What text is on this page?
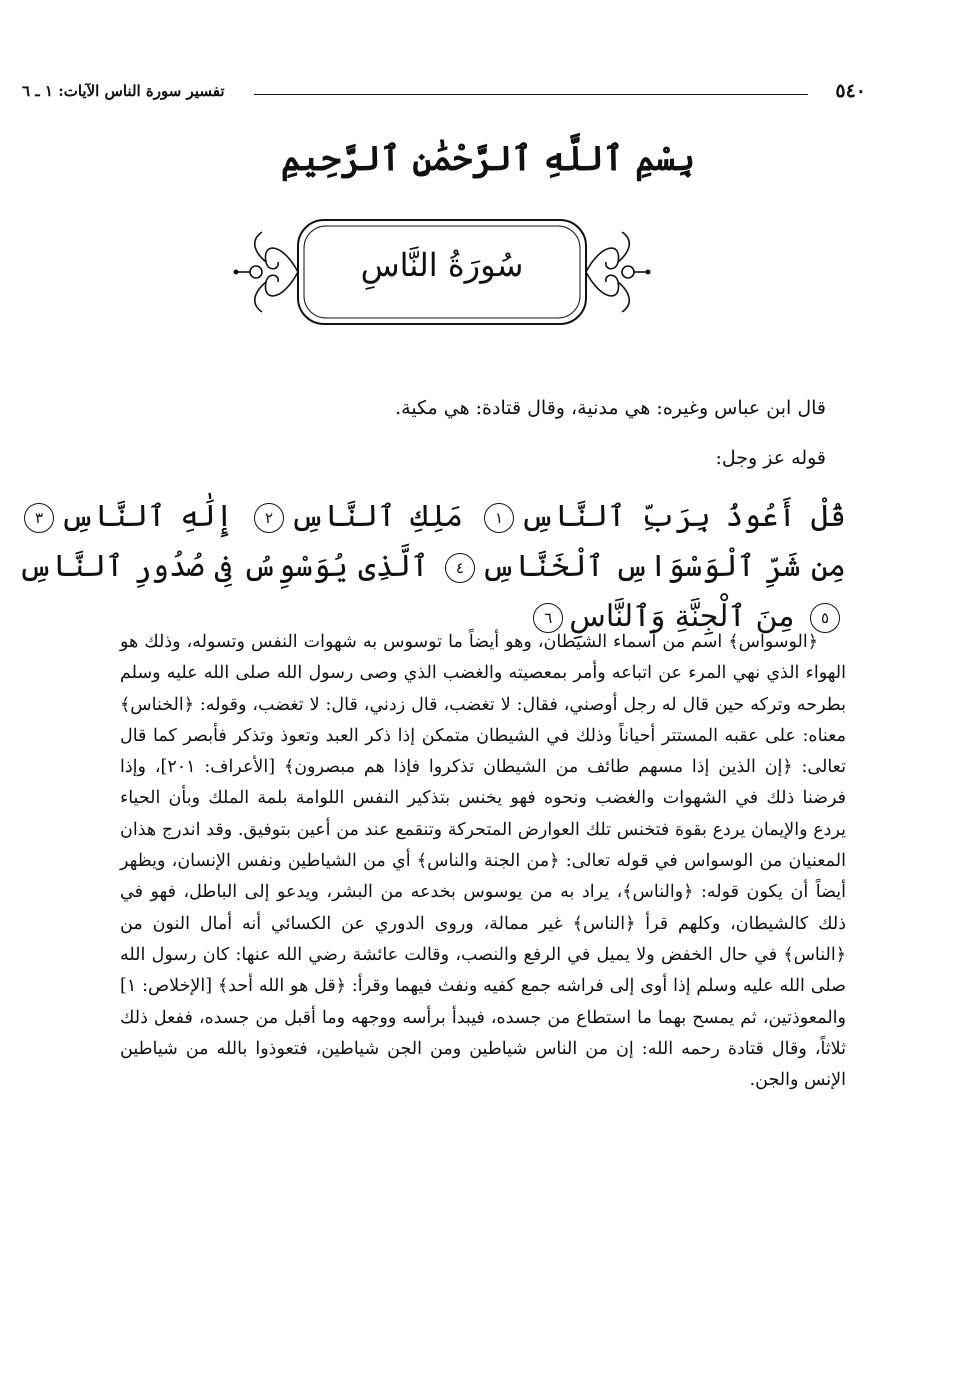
٥٤٠
تفسير سورة الناس الآيات: ١ ـ ٦
بِسْمِ ٱللَّهِ ٱلرَّحْمَٰنِ ٱلرَّحِيمِ
سُورَةُ النَّاسِ

قال ابن عباس وغيره: هي مدنية، وقال قتادة: هي مكية.

قوله عز وجل:

قُلْ أَعُوذُ بِرَبِّ ٱلنَّاسِ١ مَلِكِ ٱلنَّاسِ٢ إِلَٰهِ ٱلنَّاسِ٣ مِن شَرِّ ٱلْوَسْوَاسِ ٱلْخَنَّاسِ٤ ٱلَّذِى يُوَسْوِسُ فِى صُدُورِ ٱلنَّاسِ٥ مِنَ ٱلْجِنَّةِ وَٱلنَّاسِ٦

﴿الوسواس﴾ اسم من أسماء الشيطان، وهو أيضاً ما توسوس به شهوات النفس وتسوله، وذلك هو الهواء الذي نهي المرء عن اتباعه وأمر بمعصيته والغضب الذي وصى رسول الله صلى الله عليه وسلم بطرحه وتركه حين قال له رجل أوصني، فقال: لا تغضب، قال زدني، قال: لا تغضب، وقوله: ﴿الخناس﴾ معناه: على عقبه المستتر أحياناً وذلك في الشيطان متمكن إذا ذكر العبد وتعوذ وتذكر فأبصر كما قال تعالى: ﴿إن الذين إذا مسهم طائف من الشيطان تذكروا فإذا هم مبصرون﴾ [الأعراف: ٢٠١]، وإذا فرضنا ذلك في الشهوات والغضب ونحوه فهو يخنس بتذكير النفس اللوامة بلمة الملك وبأن الحياء يردع والإيمان يردع بقوة فتخنس تلك العوارض المتحركة وتنقمع عند من أعين بتوفيق. وقد اندرج هذان المعنيان من الوسواس في قوله تعالى: ﴿من الجنة والناس﴾ أي من الشياطين ونفس الإنسان، ويظهر أيضاً أن يكون قوله: ﴿والناس﴾، يراد به من يوسوس بخدعه من البشر، ويدعو إلى الباطل، فهو في ذلك كالشيطان، وكلهم قرأ ﴿الناس﴾ غير ممالة، وروى الدوري عن الكسائي أنه أمال النون من ﴿الناس﴾ في حال الخفض ولا يميل في الرفع والنصب، وقالت عائشة رضي الله عنها: كان رسول الله صلى الله عليه وسلم إذا أوى إلى فراشه جمع كفيه ونفث فيهما وقرأ: ﴿قل هو الله أحد﴾ [الإخلاص: ١] والمعوذتين، ثم يمسح بهما ما استطاع من جسده، فيبدأ برأسه ووجهه وما أقبل من جسده، ففعل ذلك ثلاثاً، وقال قتادة رحمه الله: إن من الناس شياطين ومن الجن شياطين، فتعوذوا بالله من شياطين الإنس والجن.
